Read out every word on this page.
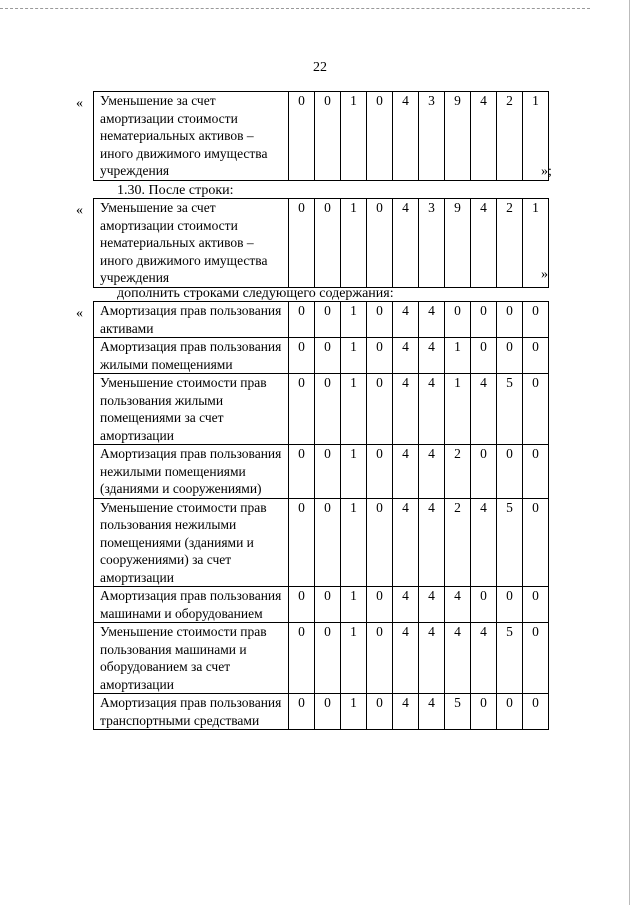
22
« Уменьшение за счет амортизации стоимости нематериальных активов – иного движимого имущества учреждения	0	0	1	0	4	3	9	4	2	1
»;
1.30. После строки:
« Уменьшение за счет амортизации стоимости нематериальных активов – иного движимого имущества учреждения	0	0	1	0	4	3	9	4	2	1
»
дополнить строками следующего содержания:
« Амортизация прав пользования активами	0	0	1	0	4	4	0	0	0	0
Амортизация прав пользования жилыми помещениями	0	0	1	0	4	4	1	0	0	0
Уменьшение стоимости прав пользования жилыми помещениями за счет амортизации	0	0	1	0	4	4	1	4	5	0
Амортизация прав пользования нежилыми помещениями (зданиями и сооружениями)	0	0	1	0	4	4	2	0	0	0
Уменьшение стоимости прав пользования нежилыми помещениями (зданиями и сооружениями) за счет амортизации	0	0	1	0	4	4	2	4	5	0
Амортизация прав пользования машинами и оборудованием	0	0	1	0	4	4	4	0	0	0
Уменьшение стоимости прав пользования машинами и оборудованием за счет амортизации	0	0	1	0	4	4	4	4	5	0
Амортизация прав пользования транспортными средствами	0	0	1	0	4	4	5	0	0	0
